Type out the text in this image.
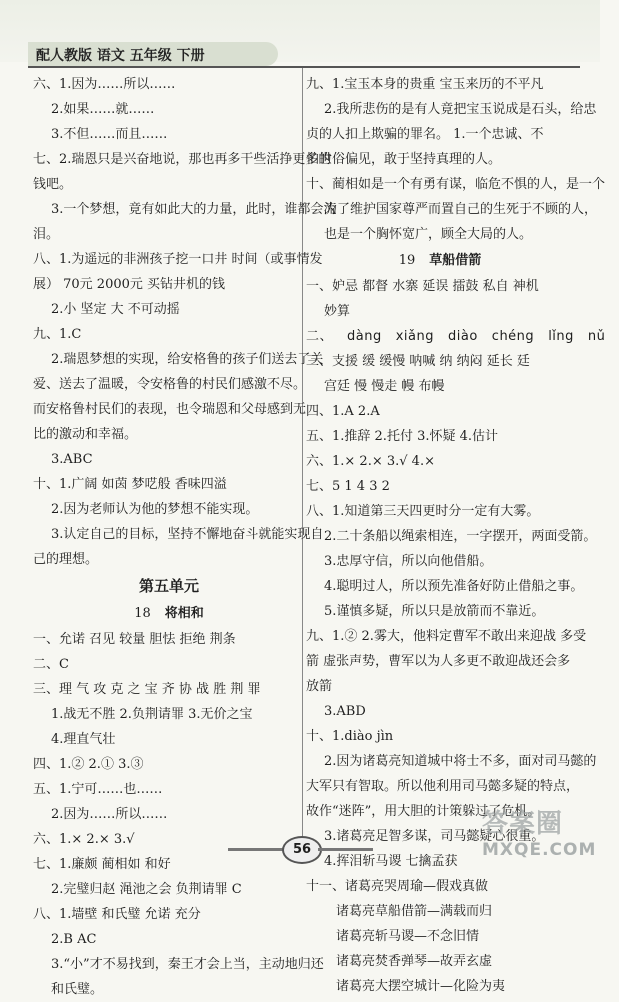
配人教版 语文 五年级 下册
六、1.因为……所以……
2.如果……就……
3.不但……而且……
七、2.瑞恩只是兴奋地说，那也再多干些活挣更多的
钱吧。
3.一个梦想，竟有如此大的力量，此时，谁都会流
泪。
八、1.为遥远的非洲孩子挖一口井 时间（或事情发
展） 70元 2000元 买钻井机的钱
2.小 坚定 大 不可动摇
九、1.C
2.瑞恩梦想的实现，给安格鲁的孩子们送去了关
爱、送去了温暖，令安格鲁的村民们感激不尽。
而安格鲁村民们的表现，也令瑞恩和父母感到无
比的激动和幸福。
3.ABC
十、1.广阔 如茵 梦呓般 香味四溢
2.因为老师认为他的梦想不能实现。
3.认定自己的目标，坚持不懈地奋斗就能实现自
己的理想。
第五单元
18 将相和
一、允诺 召见 较量 胆怯 拒绝 荆条
二、C
三、理 气 攻 克 之 宝 齐 协 战 胜 荆 罪
1.战无不胜 2.负荆请罪 3.无价之宝
4.理直气壮
四、1.② 2.① 3.③
五、1.宁可……也……
2.因为……所以……
六、1.× 2.× 3.√
七、1.廉颇 蔺相如 和好
2.完璧归赵 渑池之会 负荆请罪 C
八、1.墙壁 和氏璧 允诺 充分
2.B AC
3.“小”才不易找到，秦王才会上当，主动地归还
和氏璧。
九、1.宝玉本身的贵重 宝玉来历的不平凡
2.我所悲伤的是有人竟把宝玉说成是石头，给忠
贞的人扣上欺骗的罪名。 1.一个忠诚、不
怕世俗偏见，敢于坚持真理的人。
十、蔺相如是一个有勇有谋，临危不惧的人，是一个
为了维护国家尊严而置自己的生死于不顾的人，
也是一个胸怀宽广，顾全大局的人。
19 草船借箭
一、妒忌 都督 水寨 延误 擂鼓 私自 神机
妙算
二、 dàng xiǎng diào chéng lǐng nǔ
三、支援 缓 缓慢 呐喊 纳 纳闷 延长 廷
宫廷 慢 慢走 幔 布幔
四、1.A 2.A
五、1.推辞 2.托付 3.怀疑 4.估计
六、1.× 2.× 3.√ 4.×
七、5 1 4 3 2
八、1.知道第三天四更时分一定有大雾。
2.二十条船以绳索相连，一字摆开，两面受箭。
3.忠厚守信，所以向他借船。
4.聪明过人，所以预先准备好防止借船之事。
5.谨慎多疑，所以只是放箭而不靠近。
九、1.② 2.雾大，他料定曹军不敢出来迎战 多受
箭 虚张声势，曹军以为人多更不敢迎战还会多
放箭
3.ABD
十、1.diào jìn
2.因为诸葛亮知道城中将士不多，面对司马懿的
大军只有智取。所以他利用司马懿多疑的特点，
故作“迷阵”，用大胆的计策躲过了危机。
3.诸葛亮足智多谋，司马懿疑心很重。
4.挥泪斩马谡 七擒孟获
十一、诸葛亮哭周瑜—假戏真做
诸葛亮草船借箭—满载而归
诸葛亮斩马谡—不念旧情
诸葛亮焚香弹琴—故弄玄虚
诸葛亮大摆空城计—化险为夷
56
答案圈
MXQE.COM
